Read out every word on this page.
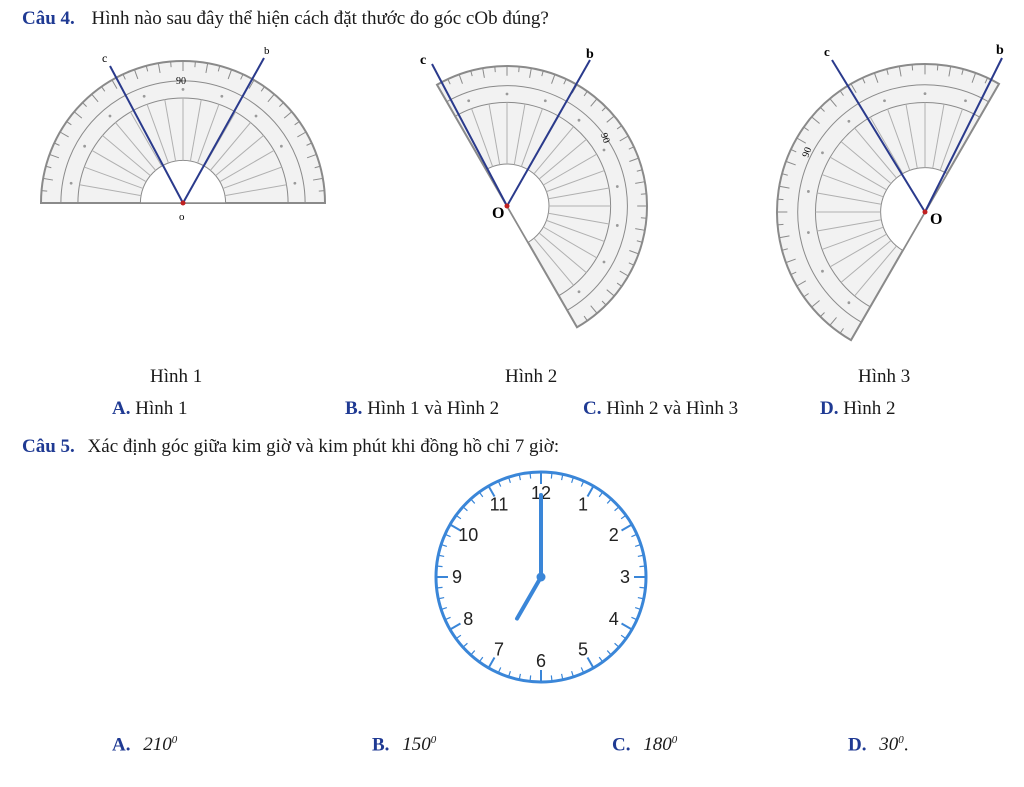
Câu 4. Hình nào sau đây thể hiện cách đặt thước đo góc cOb đúng?
c	b
o
90
c	b
O
90
c	b
O
90
Hình 1	Hình 2	Hình 3
A. Hình 1	B. Hình 1 và Hình 2	C. Hình 2 và Hình 3	D. Hình 2
Câu 5. Xác định góc giữa kim giờ và kim phút khi đồng hồ chỉ 7 giờ:
12
1
2
3
4
5
6
7
8
9
10
11
A. $210^0$	B. $150^0$	C. $180^0$	D. $30^0$.
